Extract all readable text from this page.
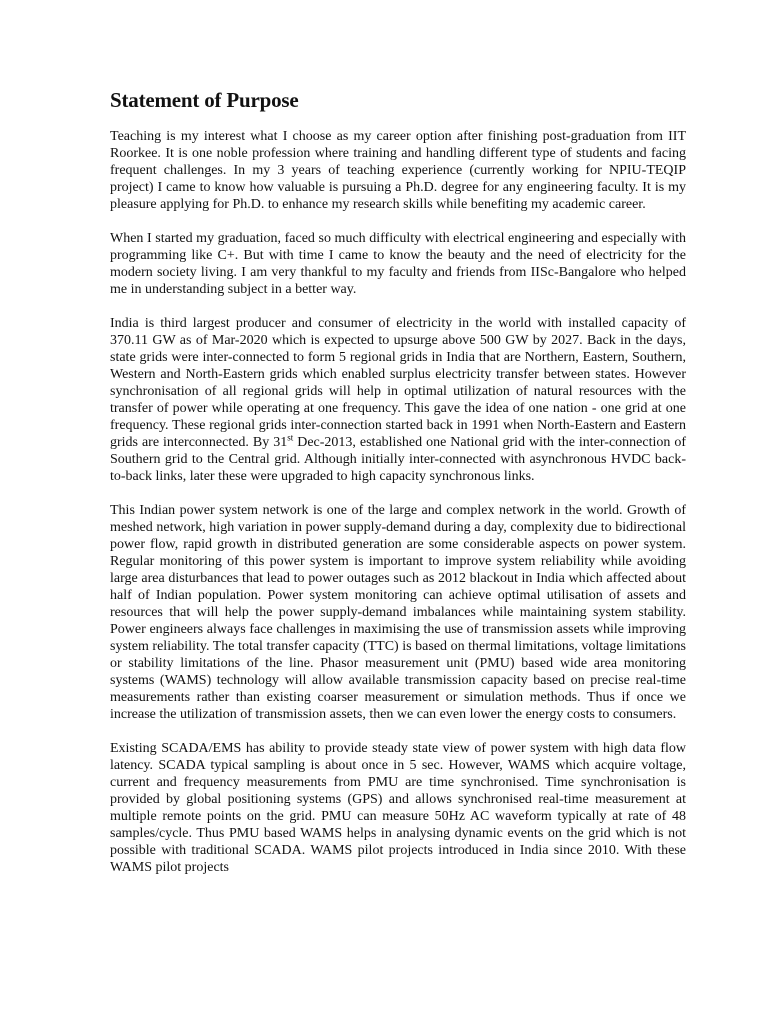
Statement of Purpose

Teaching is my interest what I choose as my career option after finishing post-graduation from IIT Roorkee. It is one noble profession where training and handling different type of students and facing frequent challenges. In my 3 years of teaching experience (currently working for NPIU-TEQIP project) I came to know how valuable is pursuing a Ph.D. degree for any engineering faculty. It is my pleasure applying for Ph.D. to enhance my research skills while benefiting my academic career.

When I started my graduation, faced so much difficulty with electrical engineering and especially with programming like C+. But with time I came to know the beauty and the need of electricity for the modern society living. I am very thankful to my faculty and friends from IISc-Bangalore who helped me in understanding subject in a better way.

India is third largest producer and consumer of electricity in the world with installed capacity of 370.11 GW as of Mar-2020 which is expected to upsurge above 500 GW by 2027. Back in the days, state grids were inter-connected to form 5 regional grids in India that are Northern, Eastern, Southern, Western and North-Eastern grids which enabled surplus electricity transfer between states. However synchronisation of all regional grids will help in optimal utilization of natural resources with the transfer of power while operating at one frequency. This gave the idea of one nation - one grid at one frequency. These regional grids inter-connection started back in 1991 when North-Eastern and Eastern grids are interconnected. By 31st Dec-2013, established one National grid with the inter-connection of Southern grid to the Central grid. Although initially inter-connected with asynchronous HVDC back-to-back links, later these were upgraded to high capacity synchronous links.

This Indian power system network is one of the large and complex network in the world. Growth of meshed network, high variation in power supply-demand during a day, complexity due to bidirectional power flow, rapid growth in distributed generation are some considerable aspects on power system. Regular monitoring of this power system is important to improve system reliability while avoiding large area disturbances that lead to power outages such as 2012 blackout in India which affected about half of Indian population. Power system monitoring can achieve optimal utilisation of assets and resources that will help the power supply-demand imbalances while maintaining system stability. Power engineers always face challenges in maximising the use of transmission assets while improving system reliability. The total transfer capacity (TTC) is based on thermal limitations, voltage limitations or stability limitations of the line. Phasor measurement unit (PMU) based wide area monitoring systems (WAMS) technology will allow available transmission capacity based on precise real-time measurements rather than existing coarser measurement or simulation methods. Thus if once we increase the utilization of transmission assets, then we can even lower the energy costs to consumers.

Existing SCADA/EMS has ability to provide steady state view of power system with high data flow latency. SCADA typical sampling is about once in 5 sec. However, WAMS which acquire voltage, current and frequency measurements from PMU are time synchronised. Time synchronisation is provided by global positioning systems (GPS) and allows synchronised real-time measurement at multiple remote points on the grid. PMU can measure 50Hz AC waveform typically at rate of 48 samples/cycle. Thus PMU based WAMS helps in analysing dynamic events on the grid which is not possible with traditional SCADA. WAMS pilot projects introduced in India since 2010. With these WAMS pilot projects
